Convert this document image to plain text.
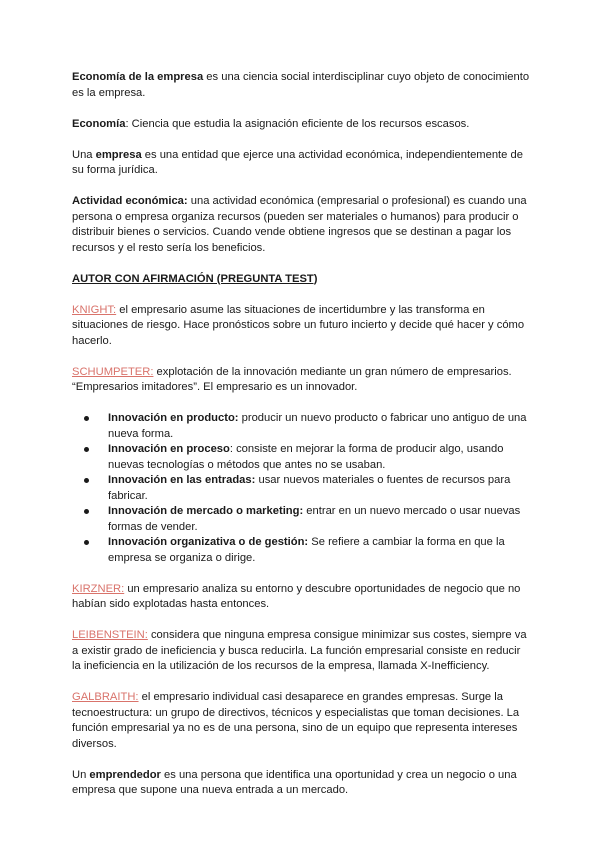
Economía de la empresa es una ciencia social interdisciplinar cuyo objeto de conocimiento es la empresa.

Economía: Ciencia que estudia la asignación eficiente de los recursos escasos.

Una empresa es una entidad que ejerce una actividad económica, independientemente de su forma jurídica.

Actividad económica: una actividad económica (empresarial o profesional) es cuando una persona o empresa organiza recursos (pueden ser materiales o humanos) para producir o distribuir bienes o servicios. Cuando vende obtiene ingresos que se destinan a pagar los recursos y el resto sería los beneficios.

AUTOR CON AFIRMACIÓN (PREGUNTA TEST)

KNIGHT: el empresario asume las situaciones de incertidumbre y las transforma en situaciones de riesgo. Hace pronósticos sobre un futuro incierto y decide qué hacer y cómo hacerlo.

SCHUMPETER: explotación de la innovación mediante un gran número de empresarios. “Empresarios imitadores”. El empresario es un innovador.

Innovación en producto: producir un nuevo producto o fabricar uno antiguo de una nueva forma.
Innovación en proceso: consiste en mejorar la forma de producir algo, usando nuevas tecnologías o métodos que antes no se usaban.
Innovación en las entradas: usar nuevos materiales o fuentes de recursos para fabricar.
Innovación de mercado o marketing: entrar en un nuevo mercado o usar nuevas formas de vender.
Innovación organizativa o de gestión: Se refiere a cambiar la forma en que la empresa se organiza o dirige.

KIRZNER: un empresario analiza su entorno y descubre oportunidades de negocio que no habían sido explotadas hasta entonces.

LEIBENSTEIN: considera que ninguna empresa consigue minimizar sus costes, siempre va a existir grado de ineficiencia y busca reducirla. La función empresarial consiste en reducir la ineficiencia en la utilización de los recursos de la empresa, llamada X-Inefficiency.

GALBRAITH: el empresario individual casi desaparece en grandes empresas. Surge la tecnoestructura: un grupo de directivos, técnicos y especialistas que toman decisiones. La función empresarial ya no es de una persona, sino de un equipo que representa intereses diversos.

Un emprendedor es una persona que identifica una oportunidad y crea un negocio o una empresa que supone una nueva entrada a un mercado.
